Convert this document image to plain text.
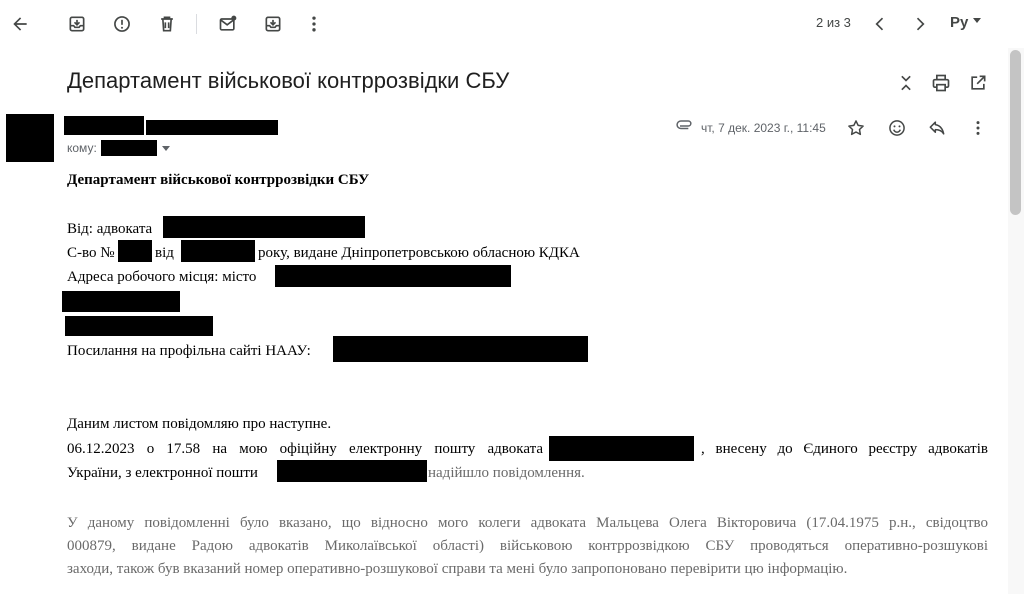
2 из 3	Ру
Департамент військової контррозвідки СБУ
кому:
чт, 7 дек. 2023 г., 11:45
Департамент військової контррозвідки СБУ
Від: адвоката
С-во №	від	року, видане Дніпропетровською обласною КДКА
Адреса робочого місця: місто
Посилання на профільна сайті НААУ:
Даним листом повідомляю про наступне.
06.12.2023 о 17.58 на мою офіційну електронну пошту адвоката	, внесену до Єдиного реєстру адвокатів
України, з електронної пошти	надійшло повідомлення.
У даному повідомленні було вказано, що відносно мого колеги адвоката Мальцева Олега Вікторовича (17.04.1975 р.н., свідоцтво
000879, видане Радою адвокатів Миколаївської області) військовою контррозвідкою СБУ проводяться оперативно-розшукові
заходи, також був вказаний номер оперативно-розшукової справи та мені було запропоновано перевірити цю інформацію.
